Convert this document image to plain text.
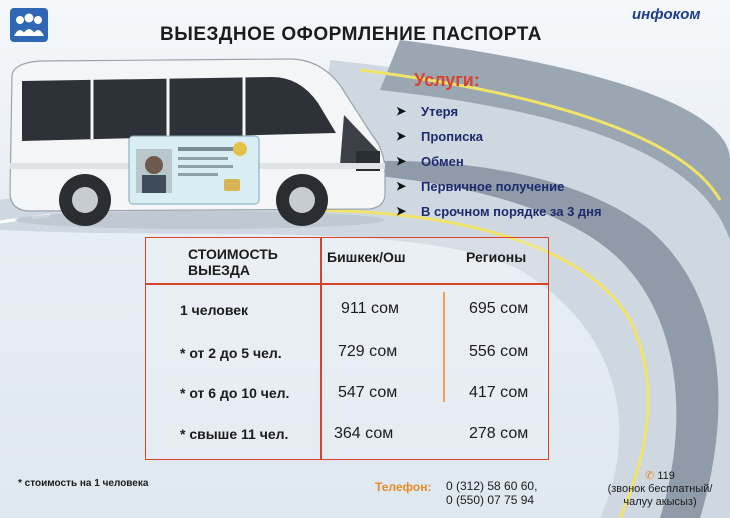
ВЫЕЗДНОЕ ОФОРМЛЕНИЕ ПАСПОРТА
инфоком
Услуги:
➤ Утеря
➤ Прописка
➤ Обмен
➤ Первичное получение
➤ В срочном порядке за 3 дня
СТОИМОСТЬ
ВЫЕЗДА
Бишкек/Ош	Регионы
1 человек	911 сом	695 сом
* от 2 до 5 чел.	729 сом	556 сом
* от 6 до 10 чел.	547 сом	417 сом
* свыше 11 чел.	364 сом	278 сом
* стоимость на 1 человека	Телефон: 0 (312) 58 60 60,
0 (550) 07 75 94
✆ 119
(звонок бесплатный/
чалуу акысыз)
